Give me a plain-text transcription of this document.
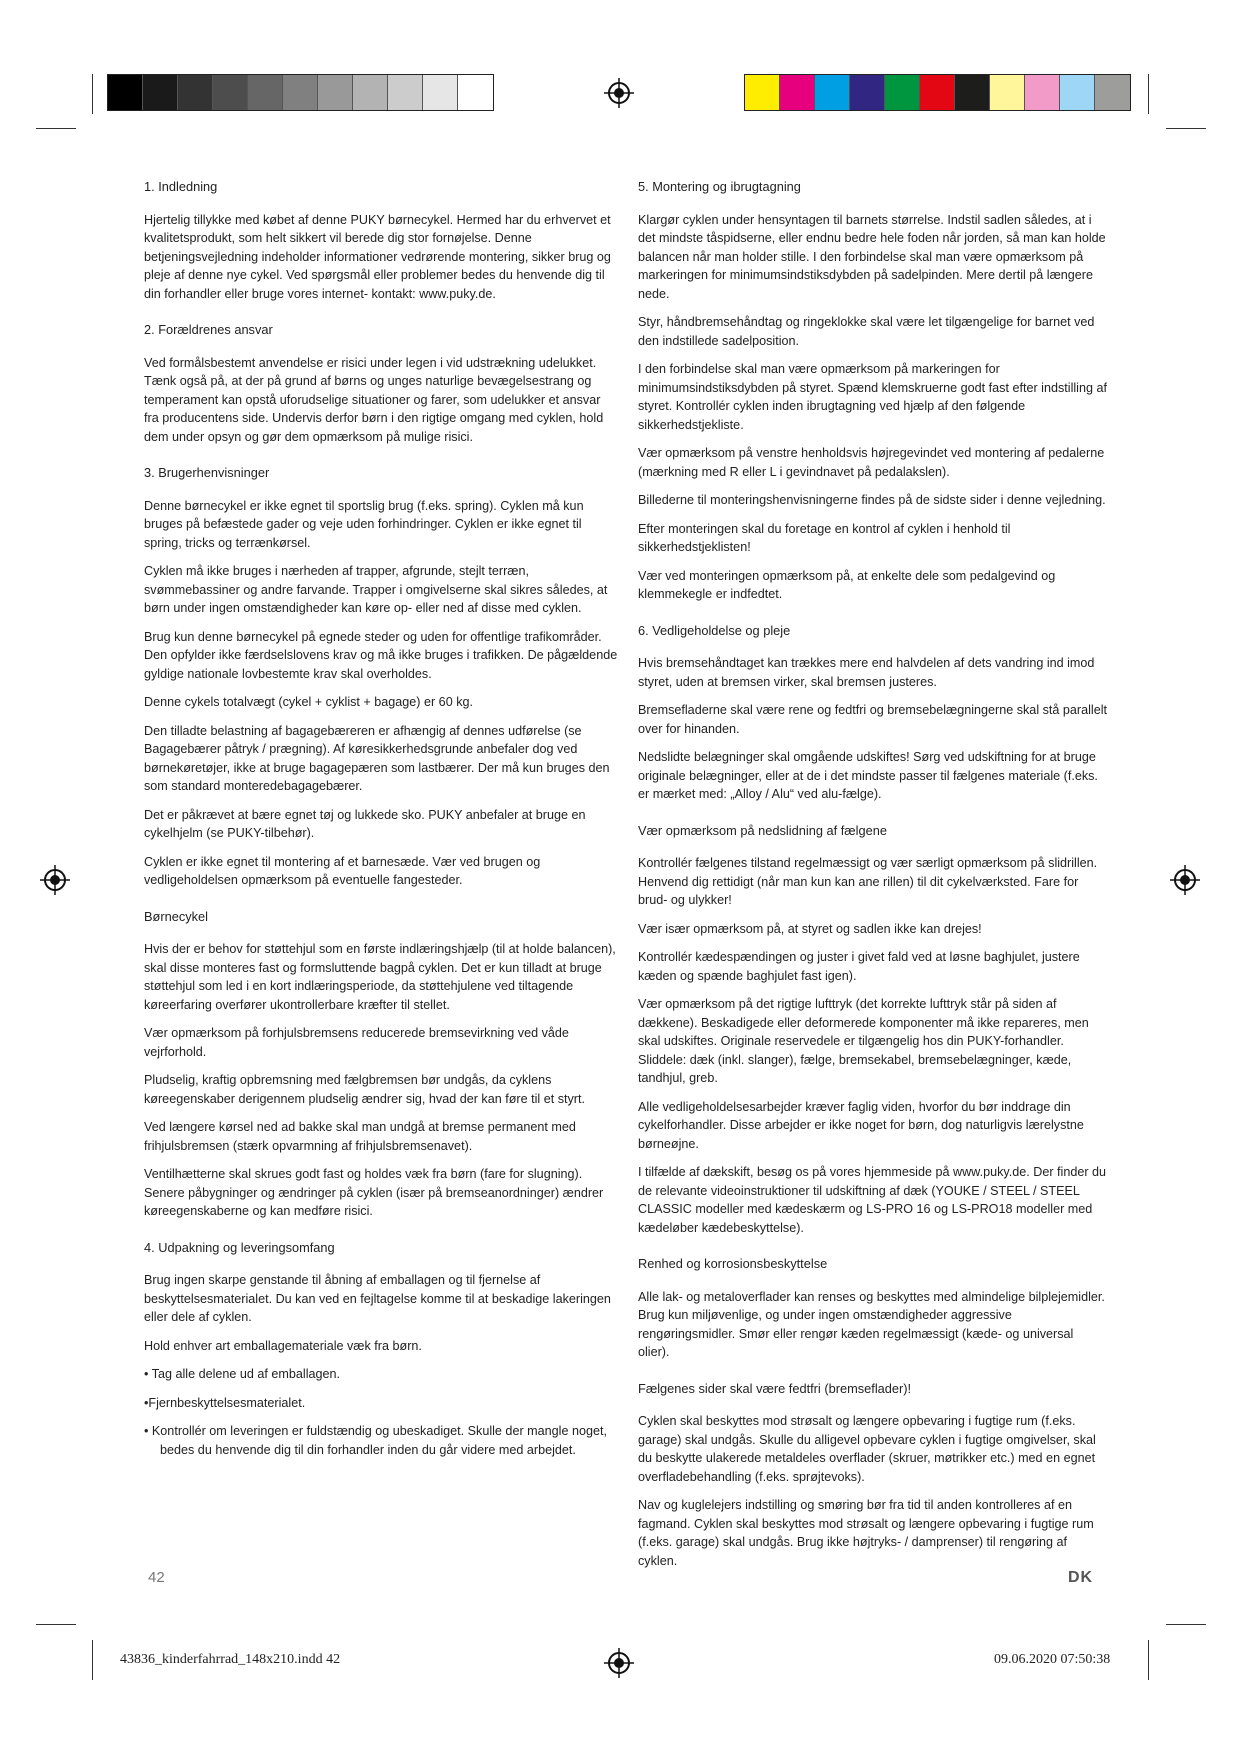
1. Indledning

Hjertelig tillykke med købet af denne PUKY børnecykel. Hermed har du erhvervet et kvalitetsprodukt, som helt sikkert vil berede dig stor fornøjelse. Denne betjeningsvejledning indeholder informationer vedrørende montering, sikker brug og pleje af denne nye cykel. Ved spørgsmål eller problemer bedes du henvende dig til din forhandler eller bruge vores internet- kontakt: www.puky.de.

2. Forældrenes ansvar

Ved formålsbestemt anvendelse er risici under legen i vid udstrækning udelukket. Tænk også på, at der på grund af børns og unges naturlige bevægelsestrang og temperament kan opstå uforudselige situationer og farer, som udelukker et ansvar fra producentens side. Undervis derfor børn i den rigtige omgang med cyklen, hold dem under opsyn og gør dem opmærksom på mulige risici.

3. Brugerhenvisninger

Denne børnecykel er ikke egnet til sportslig brug (f.eks. spring). Cyklen må kun bruges på befæstede gader og veje uden forhindringer. Cyklen er ikke egnet til spring, tricks og terrænkørsel.

Cyklen må ikke bruges i nærheden af trapper, afgrunde, stejlt terræn, svømmebassiner og andre farvande. Trapper i omgivelserne skal sikres således, at børn under ingen omstændigheder kan køre op- eller ned af disse med cyklen.

Brug kun denne børnecykel på egnede steder og uden for offentlige trafikområder. Den opfylder ikke færdselslovens krav og må ikke bruges i trafikken. De pågældende gyldige nationale lovbestemte krav skal overholdes.

Denne cykels totalvægt (cykel + cyklist + bagage) er 60 kg.

Den tilladte belastning af bagagebæreren er afhængig af dennes udførelse (se Bagagebærer påtryk / prægning). Af køresikkerhedsgrunde anbefaler dog ved børnekøretøjer, ikke at bruge bagagepæren som lastbærer. Der må kun bruges den som standard monteredebagagebærer.

Det er påkrævet at bære egnet tøj og lukkede sko. PUKY anbefaler at bruge en cykelhjelm (se PUKY-tilbehør).

Cyklen er ikke egnet til montering af et barnesæde. Vær ved brugen og vedligeholdelsen opmærksom på eventuelle fangesteder.

Børnecykel

Hvis der er behov for støttehjul som en første indlæringshjælp (til at holde balancen), skal disse monteres fast og formsluttende bagpå cyklen. Det er kun tilladt at bruge støttehjul som led i en kort indlæringsperiode, da støttehjulene ved tiltagende køreerfaring overfører ukontrollerbare kræfter til stellet.

Vær opmærksom på forhjulsbremsens reducerede bremsevirkning ved våde vejrforhold.

Pludselig, kraftig opbremsning med fælgbremsen bør undgås, da cyklens køreegenskaber derigennem pludselig ændrer sig, hvad der kan føre til et styrt.

Ved længere kørsel ned ad bakke skal man undgå at bremse permanent med frihjulsbremsen (stærk opvarmning af frihjulsbremsenavet).

Ventilhætterne skal skrues godt fast og holdes væk fra børn (fare for slugning). Senere påbygninger og ændringer på cyklen (især på bremseanordninger) ændrer køreegenskaberne og kan medføre risici.

4. Udpakning og leveringsomfang

Brug ingen skarpe genstande til åbning af emballagen og til fjernelse af beskyttelsesmaterialet. Du kan ved en fejltagelse komme til at beskadige lakeringen eller dele af cyklen.

Hold enhver art emballagemateriale væk fra børn.

• Tag alle delene ud af emballagen.

•Fjernbeskyttelsesmaterialet.

• Kontrollér om leveringen er fuldstændig og ubeskadiget. Skulle der mangle noget, bedes du henvende dig til din forhandler inden du går videre med arbejdet.

5. Montering og ibrugtagning

Klargør cyklen under hensyntagen til barnets størrelse. Indstil sadlen således, at i det mindste tåspidserne, eller endnu bedre hele foden når jorden, så man kan holde balancen når man holder stille. I den forbindelse skal man være opmærksom på markeringen for minimumsindstiksdybden på sadelpinden. Mere dertil på længere nede.

Styr, håndbremsehåndtag og ringeklokke skal være let tilgængelige for barnet ved den indstillede sadelposition.

I den forbindelse skal man være opmærksom på markeringen for minimumsindstiksdybden på styret. Spænd klemskruerne godt fast efter indstilling af styret. Kontrollér cyklen inden ibrugtagning ved hjælp af den følgende sikkerhedstjekliste.

Vær opmærksom på venstre henholdsvis højregevindet ved montering af pedalerne (mærkning med R eller L i gevindnavet på pedalakslen).

Billederne til monteringshenvisningerne findes på de sidste sider i denne vejledning.

Efter monteringen skal du foretage en kontrol af cyklen i henhold til sikkerhedstjeklisten!

Vær ved monteringen opmærksom på, at enkelte dele som pedalgevind og klemmekegle er indfedtet.

6. Vedligeholdelse og pleje

Hvis bremsehåndtaget kan trækkes mere end halvdelen af dets vandring ind imod styret, uden at bremsen virker, skal bremsen justeres.

Bremsefladerne skal være rene og fedtfri og bremsebelægningerne skal stå parallelt over for hinanden.

Nedslidte belægninger skal omgående udskiftes! Sørg ved udskiftning for at bruge originale belægninger, eller at de i det mindste passer til fælgenes materiale (f.eks. er mærket med: „Alloy / Alu“ ved alu-fælge).

Vær opmærksom på nedslidning af fælgene

Kontrollér fælgenes tilstand regelmæssigt og vær særligt opmærksom på slidrillen. Henvend dig rettidigt (når man kun kan ane rillen) til dit cykelværksted. Fare for brud- og ulykker!

Vær især opmærksom på, at styret og sadlen ikke kan drejes!

Kontrollér kædespændingen og juster i givet fald ved at løsne baghjulet, justere kæden og spænde baghjulet fast igen).

Vær opmærksom på det rigtige lufttryk (det korrekte lufttryk står på siden af dækkene). Beskadigede eller deformerede komponenter må ikke repareres, men skal udskiftes. Originale reservedele er tilgængelig hos din PUKY-forhandler. Sliddele: dæk (inkl. slanger), fælge, bremsekabel, bremsebelægninger, kæde, tandhjul, greb.

Alle vedligeholdelsesarbejder kræver faglig viden, hvorfor du bør inddrage din cykelforhandler. Disse arbejder er ikke noget for børn, dog naturligvis lærelystne børneøjne.

I tilfælde af dækskift, besøg os på vores hjemmeside på www.puky.de. Der finder du de relevante videoinstruktioner til udskiftning af dæk (YOUKE / STEEL / STEEL CLASSIC modeller med kædeskærm og LS-PRO 16 og LS-PRO18 modeller med kædeløber kædebeskyttelse).

Renhed og korrosionsbeskyttelse

Alle lak- og metaloverflader kan renses og beskyttes med almindelige bilplejemidler. Brug kun miljøvenlige, og under ingen omstændigheder aggressive rengøringsmidler. Smør eller rengør kæden regelmæssigt (kæde- og universal olier).

Fælgenes sider skal være fedtfri (bremseflader)!

Cyklen skal beskyttes mod strøsalt og længere opbevaring i fugtige rum (f.eks. garage) skal undgås. Skulle du alligevel opbevare cyklen i fugtige omgivelser, skal du beskytte ulakerede metaldeles overflader (skruer, møtrikker etc.) med en egnet overfladebehandling (f.eks. sprøjtevoks).

Nav og kuglelejers indstilling og smøring bør fra tid til anden kontrolleres af en fagmand. Cyklen skal beskyttes mod strøsalt og længere opbevaring i fugtige rum (f.eks. garage) skal undgås. Brug ikke højtryks- / damprenser) til rengøring af cyklen.

42	DK
43836_kinderfahrrad_148x210.indd 42	09.06.2020 07:50:38
